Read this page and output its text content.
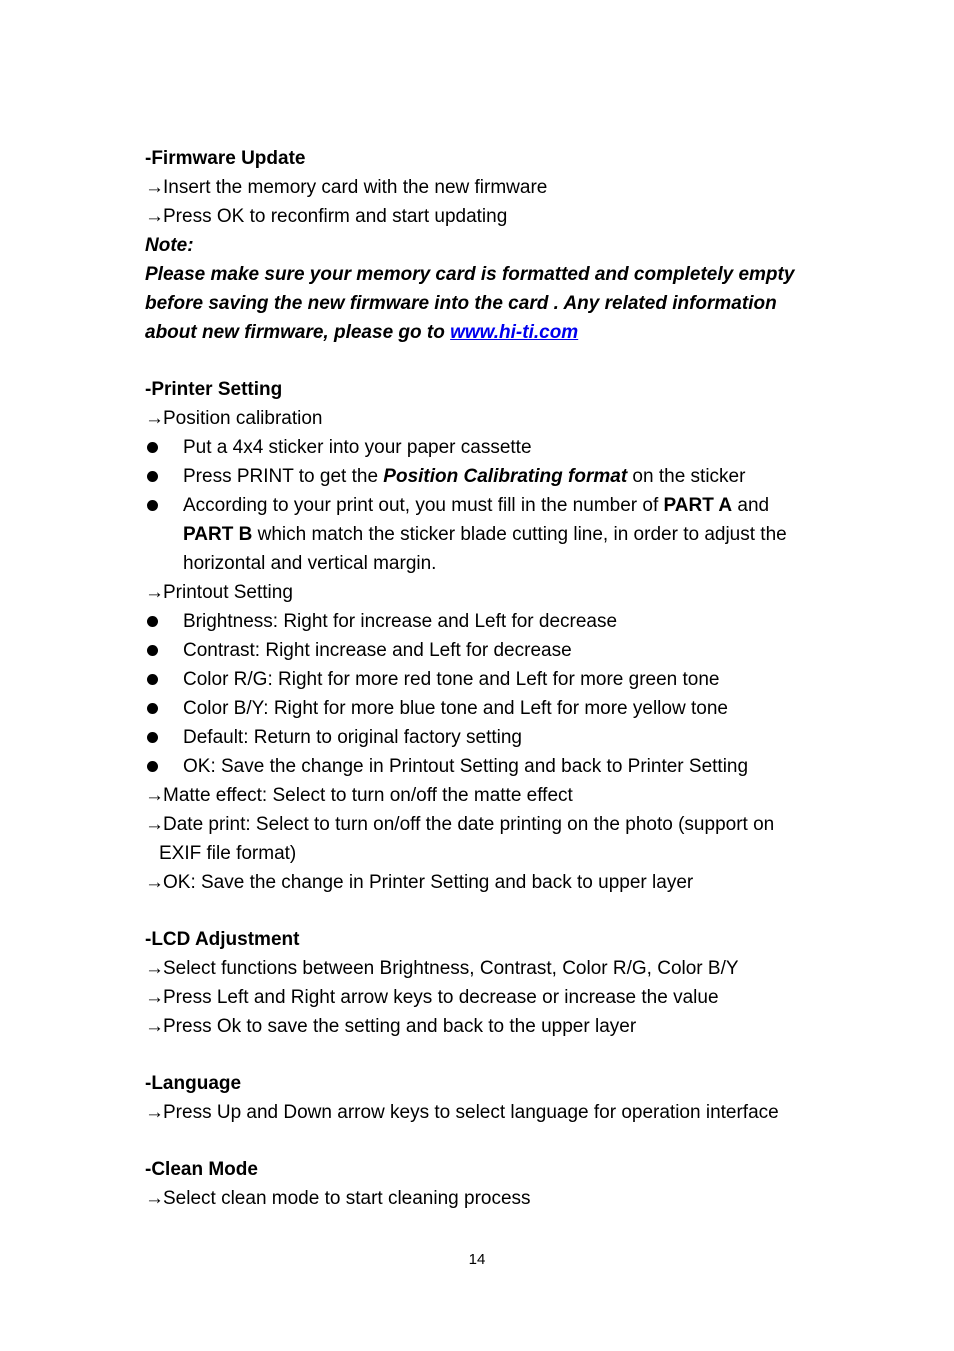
-Firmware Update
→ Insert the memory card with the new firmware
→ Press OK to reconfirm and start updating
Note:
Please make sure your memory card is formatted and completely empty
before saving the new firmware into the card . Any related information
about new firmware, please go to www.hi-ti.com
-Printer Setting
→ Position calibration
Put a 4x4 sticker into your paper cassette
Press PRINT to get the Position Calibrating format on the sticker
According to your print out, you must fill in the number of PART A and
PART B which match the sticker blade cutting line, in order to adjust the
horizontal and vertical margin.
→ Printout Setting
Brightness: Right for increase and Left for decrease
Contrast: Right increase and Left for decrease
Color R/G: Right for more red tone and Left for more green tone
Color B/Y: Right for more blue tone and Left for more yellow tone
Default: Return to original factory setting
OK: Save the change in Printout Setting and back to Printer Setting
→ Matte effect: Select to turn on/off the matte effect
→ Date print: Select to turn on/off the date printing on the photo (support on
EXIF file format)
→ OK: Save the change in Printer Setting and back to upper layer
-LCD Adjustment
→ Select functions between Brightness, Contrast, Color R/G, Color B/Y
→ Press Left and Right arrow keys to decrease or increase the value
→ Press Ok to save the setting and back to the upper layer
-Language
→ Press Up and Down arrow keys to select language for operation interface
-Clean Mode
→ Select clean mode to start cleaning process
14
